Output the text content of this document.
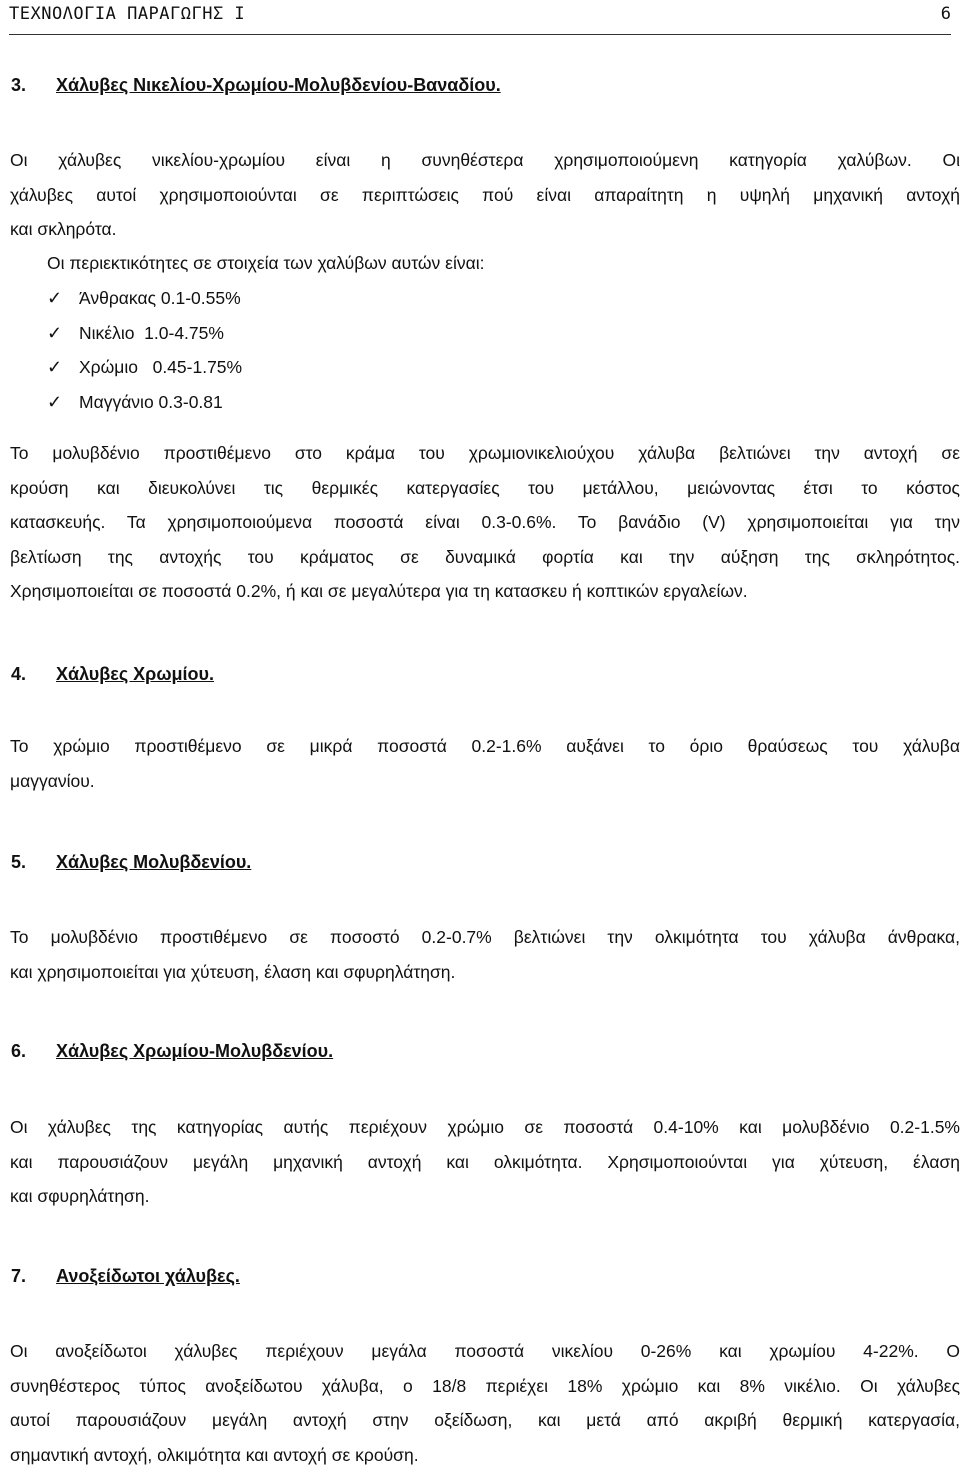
ΤΕΧΝΟΛΟΓΙΑ ΠΑΡΑΓΩΓΗΣ Ι	6
3. Χάλυβες Νικελίου-Χρωμίου-Μολυβδενίου-Βαναδίου.
Οι χάλυβες νικελίου-χρωμίου είναι η συνηθέστερα χρησιμοποιούμενη κατηγορία χαλύβων. Οι
χάλυβες αυτοί χρησιμοποιούνται σε περιπτώσεις πού είναι απαραίτητη η υψηλή μηχανική αντοχή
και σκληρότα.
Οι περιεκτικότητες σε στοιχεία των χαλύβων αυτών είναι:
✓ Άνθρακας 0.1-0.55%
✓ Νικέλιο  1.0-4.75%
✓ Χρώμιο   0.45-1.75%
✓ Μαγγάνιο 0.3-0.81
Το μολυβδένιο προστιθέμενο στο κράμα του χρωμιονικελιούχου χάλυβα βελτιώνει την αντοχή σε
κρούση και διευκολύνει τις θερμικές κατεργασίες του μετάλλου, μειώνοντας έτσι το κόστος
κατασκευής. Τα χρησιμοποιούμενα ποσοστά είναι 0.3-0.6%. Το βανάδιο (V) χρησιμοποιείται για την
βελτίωση της αντοχής του κράματος σε δυναμικά φορτία και την αύξηση της σκληρότητος.
Χρησιμοποιείται σε ποσοστά 0.2%, ή και σε μεγαλύτερα για τη κατασκευ ή κοπτικών εργαλείων.
4. Χάλυβες Χρωμίου.
Το χρώμιο προστιθέμενο σε μικρά ποσοστά 0.2-1.6% αυξάνει το όριο θραύσεως του χάλυβα
μαγγανίου.
5. Χάλυβες Μολυβδενίου.
Το μολυβδένιο προστιθέμενο σε ποσοστό 0.2-0.7% βελτιώνει την ολκιμότητα του χάλυβα άνθρακα,
και χρησιμοποιείται για χύτευση, έλαση και σφυρηλάτηση.
6. Χάλυβες Χρωμίου-Μολυβδενίου.
Οι χάλυβες της κατηγορίας αυτής περιέχουν χρώμιο σε ποσοστά 0.4-10% και μολυβδένιο 0.2-1.5%
και παρουσιάζουν μεγάλη μηχανική αντοχή και ολκιμότητα. Χρησιμοποιούνται για χύτευση, έλαση
και σφυρηλάτηση.
7. Ανοξείδωτοι χάλυβες.
Οι ανοξείδωτοι χάλυβες περιέχουν μεγάλα ποσοστά νικελίου 0-26% και χρωμίου 4-22%. Ο
συνηθέστερος τύπος ανοξείδωτου χάλυβα, ο 18/8 περιέχει 18% χρώμιο και 8% νικέλιο. Οι χάλυβες
αυτοί παρουσιάζουν μεγάλη αντοχή στην οξείδωση, και μετά από ακριβή θερμική κατεργασία,
σημαντική αντοχή, ολκιμότητα και αντοχή σε κρούση.
